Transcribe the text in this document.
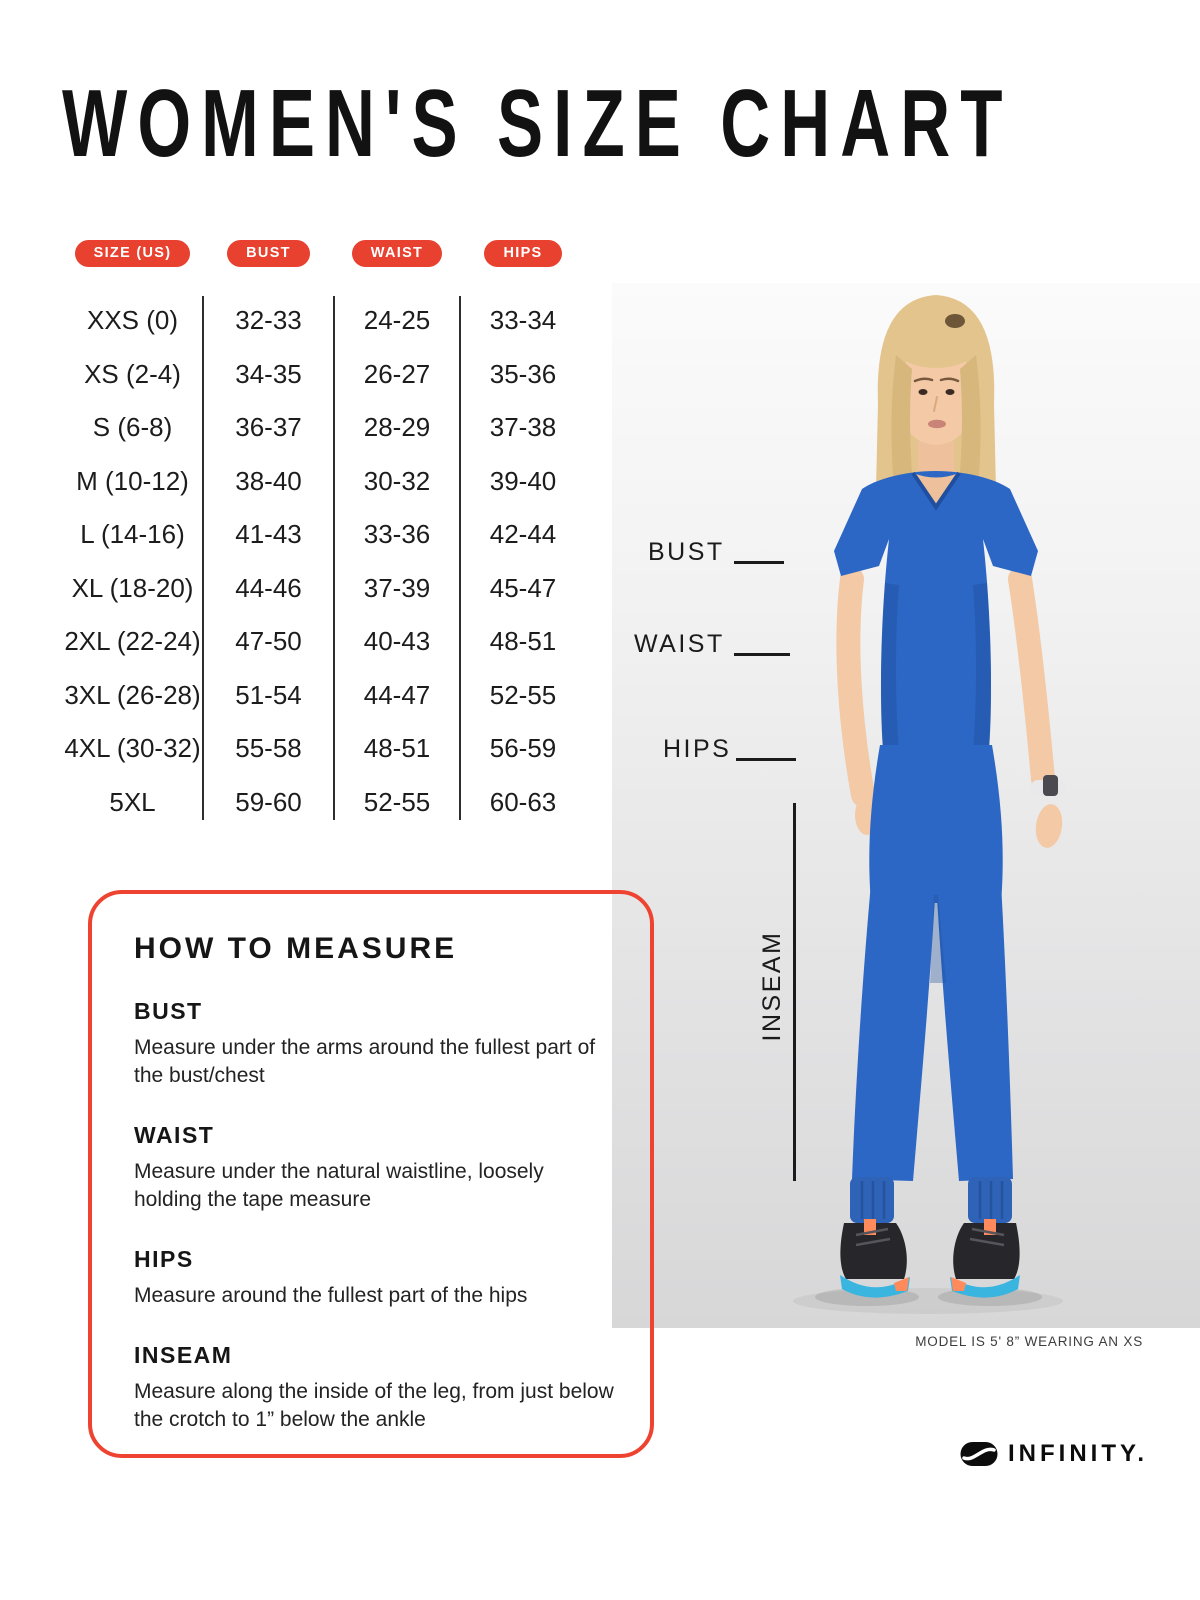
WOMEN'S SIZE CHART
SIZE (US)	BUST	WAIST	HIPS
XXS (0)	32-33	24-25	33-34
XS (2-4)	34-35	26-27	35-36
S (6-8)	36-37	28-29	37-38
M (10-12)	38-40	30-32	39-40
L (14-16)	41-43	33-36	42-44
XL (18-20)	44-46	37-39	45-47
2XL (22-24)	47-50	40-43	48-51
3XL (26-28)	51-54	44-47	52-55
4XL (30-32)	55-58	48-51	56-59
5XL	59-60	52-55	60-63
BUST
WAIST
HIPS
INSEAM
MODEL IS 5' 8” WEARING AN XS
HOW TO MEASURE
BUST
Measure under the arms around the fullest part of the bust/chest
WAIST
Measure under the natural waistline, loosely holding the tape measure
HIPS
Measure around the fullest part of the hips
INSEAM
Measure along the inside of the leg, from just below the crotch to 1” below the ankle
INFINITY.
